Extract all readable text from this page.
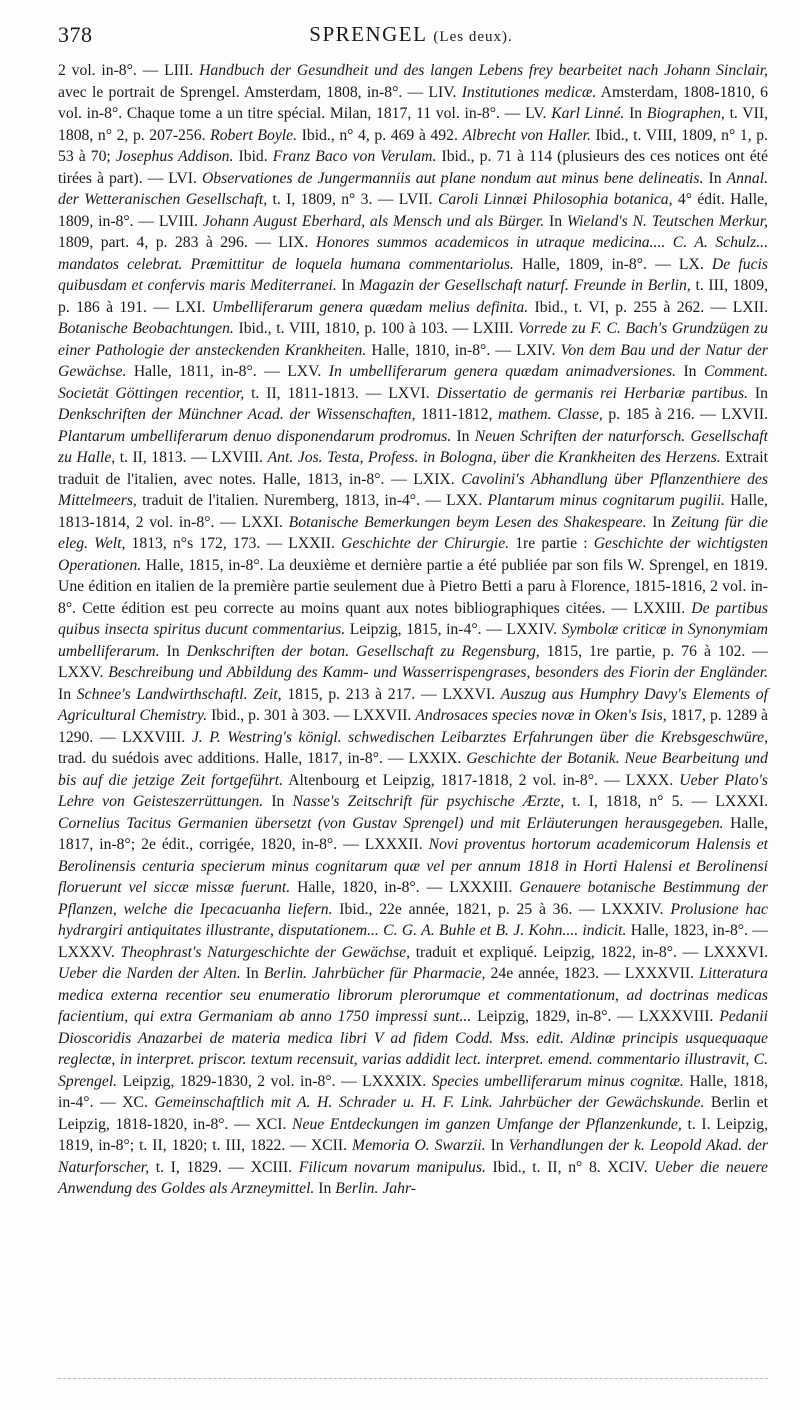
378	SPRENGEL (Les deux).

2 vol. in-8°. — LIII. Handbuch der Gesundheit und des langen Lebens frey bearbeitet nach Johann Sinclair, avec le portrait de Sprengel. Amsterdam, 1808, in-8°. — LIV. Institutiones medicæ. Amsterdam, 1808-1810, 6 vol. in-8°. Chaque tome a un titre spécial. Milan, 1817, 11 vol. in-8°. — LV. Karl Linné. In Biographen, t. VII, 1808, n° 2, p. 207-256. Robert Boyle. Ibid., n° 4, p. 469 à 492. Albrecht von Haller. Ibid., t. VIII, 1809, n° 1, p. 53 à 70; Josephus Addison. Ibid. Franz Baco von Verulam. Ibid., p. 71 à 114 (plusieurs des ces notices ont été tirées à part). — LVI. Observationes de Jungermanniis aut plane nondum aut minus bene delineatis. In Annal. der Wetteranischen Gesellschaft, t. I, 1809, n° 3. — LVII. Caroli Linnæi Philosophia botanica, 4° édit. Halle, 1809, in-8°. — LVIII. Johann August Eberhard, als Mensch und als Bürger. In Wieland's N. Teutschen Merkur, 1809, part. 4, p. 283 à 296. — LIX. Honores summos academicos in utraque medicina.... C. A. Schulz... mandatos celebrat. Præmittitur de loquela humana commentariolus. Halle, 1809, in-8°. — LX. De fucis quibusdam et confervis maris Mediterranei. In Magazin der Gesellschaft naturf. Freunde in Berlin, t. III, 1809, p. 186 à 191. — LXI. Umbelliferarum genera quædam melius definita. Ibid., t. VI, p. 255 à 262. — LXII. Botanische Beobachtungen. Ibid., t. VIII, 1810, p. 100 à 103. — LXIII. Vorrede zu F. C. Bach's Grundzügen zu einer Pathologie der ansteckenden Krankheiten. Halle, 1810, in-8°. — LXIV. Von dem Bau und der Natur der Gewächse. Halle, 1811, in-8°. — LXV. In umbelliferarum genera quædam animadversiones. In Comment. Societät Göttingen recentior, t. II, 1811-1813. — LXVI. Dissertatio de germanis rei Herbariæ partibus. In Denkschriften der Münchner Acad. der Wissenschaften, 1811-1812, mathem. Classe, p. 185 à 216. — LXVII. Plantarum umbelliferarum denuo disponendarum prodromus. In Neuen Schriften der naturforsch. Gesellschaft zu Halle, t. II, 1813. — LXVIII. Ant. Jos. Testa, Profess. in Bologna, über die Krankheiten des Herzens. Extrait traduit de l'italien, avec notes. Halle, 1813, in-8°. — LXIX. Cavolini's Abhandlung über Pflanzenthiere des Mittelmeers, traduit de l'italien. Nuremberg, 1813, in-4°. — LXX. Plantarum minus cognitarum pugilii. Halle, 1813-1814, 2 vol. in-8°. — LXXI. Botanische Bemerkungen beym Lesen des Shakespeare. In Zeitung für die eleg. Welt, 1813, n°s 172, 173. — LXXII. Geschichte der Chirurgie. 1re partie : Geschichte der wichtigsten Operationen. Halle, 1815, in-8°. La deuxième et dernière partie a été publiée par son fils W. Sprengel, en 1819. Une édition en italien de la première partie seulement due à Pietro Betti a paru à Florence, 1815-1816, 2 vol. in-8°. Cette édition est peu correcte au moins quant aux notes bibliographiques citées. — LXXIII. De partibus quibus insecta spiritus ducunt commentarius. Leipzig, 1815, in-4°. — LXXIV. Symbolæ criticæ in Synonymiam umbelliferarum. In Denkschriften der botan. Gesellschaft zu Regensburg, 1815, 1re partie, p. 76 à 102. — LXXV. Beschreibung und Abbildung des Kamm- und Wasserrispengrases, besonders des Fiorin der Engländer. In Schnee's Landwirthschaftl. Zeit, 1815, p. 213 à 217. — LXXVI. Auszug aus Humphry Davy's Elements of Agricultural Chemistry. Ibid., p. 301 à 303. — LXXVII. Androsaces species novæ in Oken's Isis, 1817, p. 1289 à 1290. — LXXVIII. J. P. Westring's königl. schwedischen Leibarztes Erfahrungen über die Krebsgeschwüre, trad. du suédois avec additions. Halle, 1817, in-8°. — LXXIX. Geschichte der Botanik. Neue Bearbeitung und bis auf die jetzige Zeit fortgeführt. Altenbourg et Leipzig, 1817-1818, 2 vol. in-8°. — LXXX. Ueber Plato's Lehre von Geisteszerrüttungen. In Nasse's Zeitschrift für psychische Ærzte, t. I, 1818, n° 5. — LXXXI. Cornelius Tacitus Germanien übersetzt (von Gustav Sprengel) und mit Erläuterungen herausgegeben. Halle, 1817, in-8°; 2e édit., corrigée, 1820, in-8°. — LXXXII. Novi proventus hortorum academicorum Halensis et Berolinensis centuria specierum minus cognitarum quæ vel per annum 1818 in Horti Halensi et Berolinensi floruerunt vel siccæ missæ fuerunt. Halle, 1820, in-8°. — LXXXIII. Genauere botanische Bestimmung der Pflanzen, welche die Ipecacuanha liefern. Ibid., 22e année, 1821, p. 25 à 36. — LXXXIV. Prolusione hac hydrargiri antiquitates illustrante, disputationem... C. G. A. Buhle et B. J. Kohn.... indicit. Halle, 1823, in-8°. — LXXXV. Theophrast's Naturgeschichte der Gewächse, traduit et expliqué. Leipzig, 1822, in-8°. — LXXXVI. Ueber die Narden der Alten. In Berlin. Jahrbücher für Pharmacie, 24e année, 1823. — LXXXVII. Litteratura medica externa recentior seu enumeratio librorum plerorumque et commentationum, ad doctrinas medicas facientium, qui extra Germaniam ab anno 1750 impressi sunt... Leipzig, 1829, in-8°. — LXXXVIII. Pedanii Dioscoridis Anazarbei de materia medica libri V ad fidem Codd. Mss. edit. Aldinæ principis usquequaque reglectæ, in interpret. priscor. textum recensuit, varias addidit lect. interpret. emend. commentario illustravit, C. Sprengel. Leipzig, 1829-1830, 2 vol. in-8°. — LXXXIX. Species umbelliferarum minus cognitæ. Halle, 1818, in-4°. — XC. Gemeinschaftlich mit A. H. Schrader u. H. F. Link. Jahrbücher der Gewächskunde. Berlin et Leipzig, 1818-1820, in-8°. — XCI. Neue Entdeckungen im ganzen Umfange der Pflanzenkunde, t. I. Leipzig, 1819, in-8°; t. II, 1820; t. III, 1822. — XCII. Memoria O. Swarzii. In Verhandlungen der k. Leopold Akad. der Naturforscher, t. I, 1829. — XCIII. Filicum novarum manipulus. Ibid., t. II, n° 8. XCIV. Ueber die neuere Anwendung des Goldes als Arzneymittel. In Berlin. Jahr-
